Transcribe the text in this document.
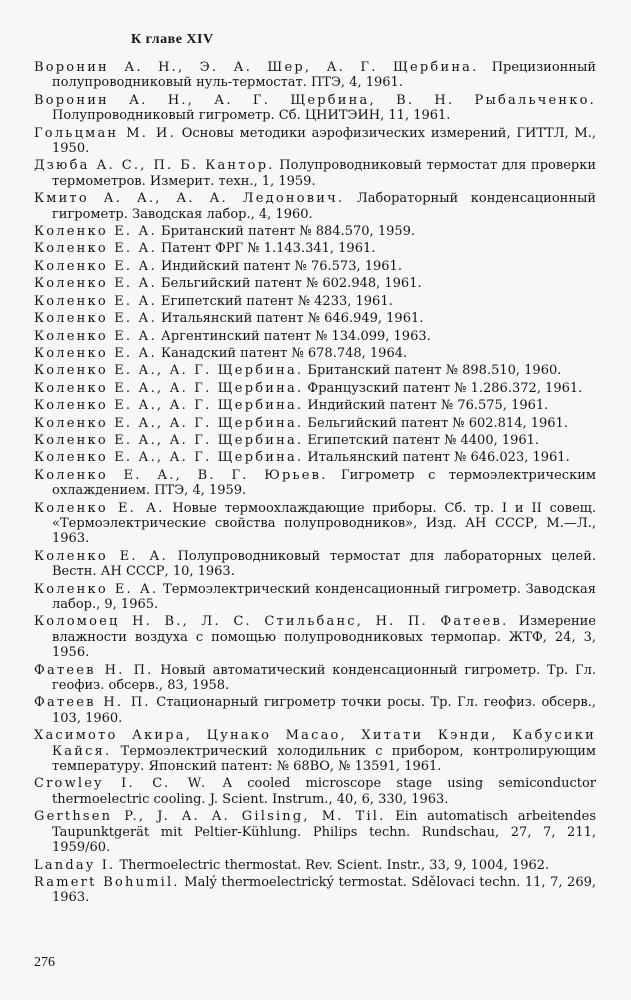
К главе XIV
Воронин А. Н., Э. А. Шер, А. Г. Щербина. Прецизионный полупроводниковый нуль-термостат. ПТЭ, 4, 1961.
Воронин А. Н., А. Г. Щербина, В. Н. Рыбальченко. Полупроводниковый гигрометр. Сб. ЦНИТЭИН, 11, 1961.
Гольцман М. И. Основы методики аэрофизических измерений, ГИТТЛ, М., 1950.
Дзюба А. С., П. Б. Кантор. Полупроводниковый термостат для проверки термометров. Измерит. техн., 1, 1959.
Кмито А. А., А. А. Ледонович. Лабораторный конденсационный гигрометр. Заводская лабор., 4, 1960.
Коленко Е. А. Британский патент № 884.570, 1959.
Коленко Е. А. Патент ФРГ № 1.143.341, 1961.
Коленко Е. А. Индийский патент № 76.573, 1961.
Коленко Е. А. Бельгийский патент № 602.948, 1961.
Коленко Е. А. Египетский патент № 4233, 1961.
Коленко Е. А. Итальянский патент № 646.949, 1961.
Коленко Е. А. Аргентинский патент № 134.099, 1963.
Коленко Е. А. Канадский патент № 678.748, 1964.
Коленко Е. А., А. Г. Щербина. Британский патент № 898.510, 1960.
Коленко Е. А., А. Г. Щербина. Французский патент № 1.286.372, 1961.
Коленко Е. А., А. Г. Щербина. Индийский патент № 76.575, 1961.
Коленко Е. А., А. Г. Щербина. Бельгийский патент № 602.814, 1961.
Коленко Е. А., А. Г. Щербина. Египетский патент № 4400, 1961.
Коленко Е. А., А. Г. Щербина. Итальянский патент № 646.023, 1961.
Коленко Е. А., В. Г. Юрьев. Гигрометр с термоэлектрическим охлаждением. ПТЭ, 4, 1959.
Коленко Е. А. Новые термоохлаждающие приборы. Сб. тр. I и II совещ. «Термоэлектрические свойства полупроводников», Изд. АН СССР, М.—Л., 1963.
Коленко Е. А. Полупроводниковый термостат для лабораторных целей. Вестн. АН СССР, 10, 1963.
Коленко Е. А. Термоэлектрический конденсационный гигрометр. Заводская лабор., 9, 1965.
Коломоец Н. В., Л. С. Стильбанс, Н. П. Фатеев. Измерение влажности воздуха с помощью полупроводниковых термопар. ЖТФ, 24, 3, 1956.
Фатеев Н. П. Новый автоматический конденсационный гигрометр. Тр. Гл. геофиз. обсерв., 83, 1958.
Фатеев Н. П. Стационарный гигрометр точки росы. Тр. Гл. геофиз. обсерв., 103, 1960.
Хасимото Акира, Цунако Масао, Хитати Кэнди, Кабусики Кайся. Термоэлектрический холодильник с прибором, контролирующим температуру. Японский патент: № 68ВО, № 13591, 1961.
Crowley I. C. W. A cooled microscope stage using semiconductor thermoelectric cooling. J. Scient. Instrum., 40, 6, 330, 1963.
Gerthsen P., J. A. A. Gilsing, M. Til. Ein automatisch arbeitendes Taupunktgerät mit Peltier-Kühlung. Philips techn. Rundschau, 27, 7, 211, 1959/60.
Landay I. Thermoelectric thermostat. Rev. Scient. Instr., 33, 9, 1004, 1962.
Ramert Bohumil. Malý thermoelectrický termostat. Sdělovaci techn. 11, 7, 269, 1963.
276
